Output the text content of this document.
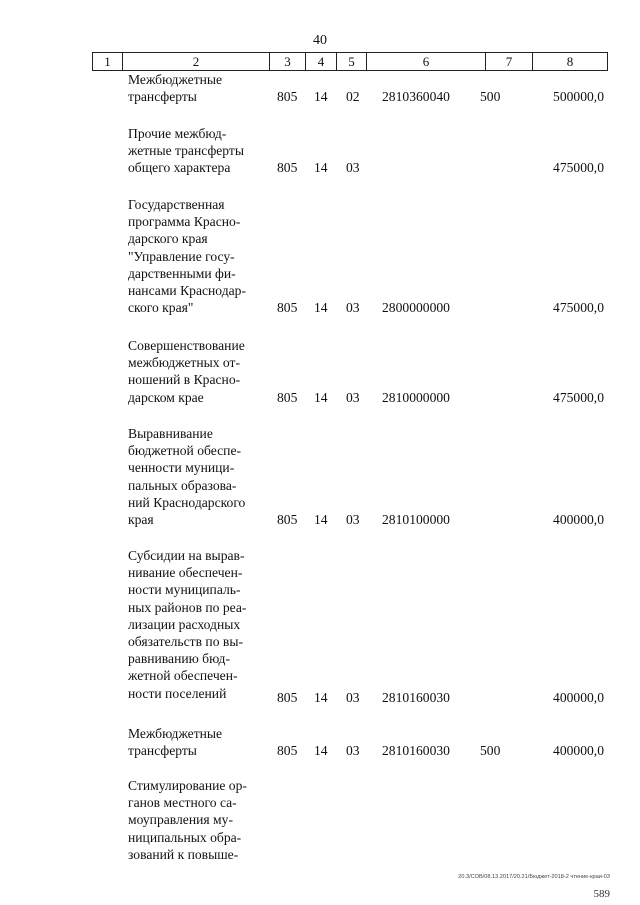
40
1	2	3	4	5	6	7	8
Межбюджетные
трансферты	805 14 02 2810360040 500	500000,0
Прочие межбюд-
жетные трансферты
общего характера	805 14 03	475000,0
Государственная
программа Красно-
дарского края
"Управление госу-
дарственными фи-
нансами Краснодар-
ского края"	805 14 03 2800000000	475000,0
Совершенствование
межбюджетных от-
ношений в Красно-
дарском крае	805 14 03 2810000000	475000,0
Выравнивание
бюджетной обеспе-
ченности муници-
пальных образова-
ний Краснодарского
края	805 14 03 2810100000	400000,0
Субсидии на вырав-
нивание обеспечен-
ности муниципаль-
ных районов по реа-
лизации расходных
обязательств по вы-
равниванию бюд-
жетной обеспечен-
ности поселений	805 14 03 2810160030	400000,0
Межбюджетные
трансферты	805 14 03 2810160030 500	400000,0
Стимулирование ор-
ганов местного са-
моуправления му-
ниципальных обра-
зований к повыше-
20.3/СОВ/08.13.2017/20.21/Бюджет-2018-2 чтение-краи-03
589
